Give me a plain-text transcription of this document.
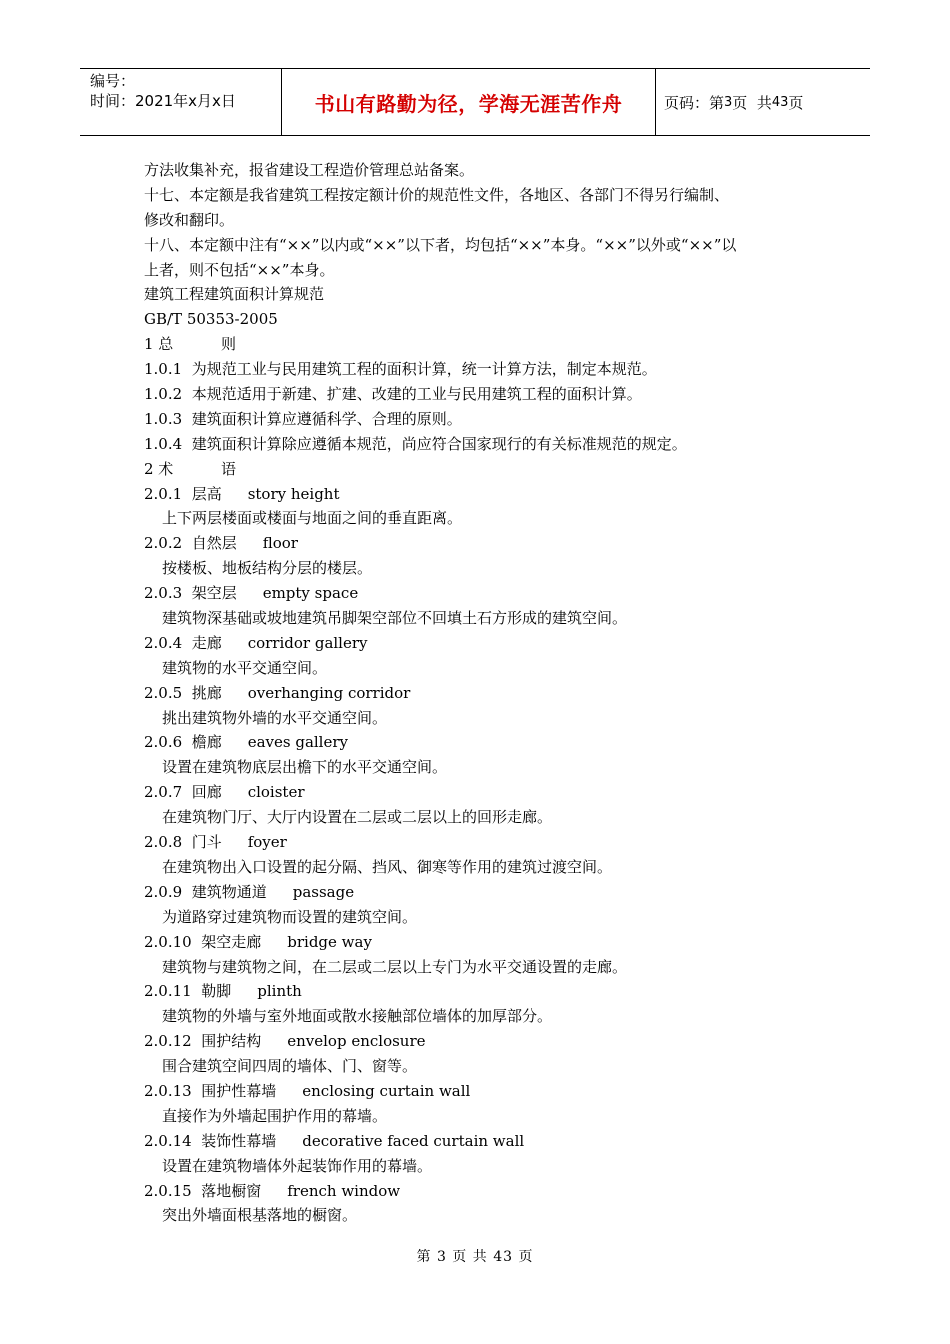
编号：
时间：2021年x月x日	书山有路勤为径，学海无涯苦作舟	页码：第 3 页  共 43 页
方法收集补充，报省建设工程造价管理总站备案。
十七、本定额是我省建筑工程按定额计价的规范性文件，各地区、各部门不得另行编制、
修改和翻印。
十八、本定额中注有“××”以内或“××”以下者，均包括“××”本身。“××”以外或“××”以
上者，则不包括“××”本身。
建筑工程建筑面积计算规范
GB/T 50353-2005
1 总          则
1.0.1  为规范工业与民用建筑工程的面积计算，统一计算方法，制定本规范。
1.0.2  本规范适用于新建、扩建、改建的工业与民用建筑工程的面积计算。
1.0.3  建筑面积计算应遵循科学、合理的原则。
1.0.4  建筑面积计算除应遵循本规范，尚应符合国家现行的有关标准规范的规定。
2 术          语
2.0.1  层高 story height
上下两层楼面或楼面与地面之间的垂直距离。
2.0.2  自然层 floor
按楼板、地板结构分层的楼层。
2.0.3  架空层 empty space
建筑物深基础或坡地建筑吊脚架空部位不回填土石方形成的建筑空间。
2.0.4  走廊 corridor gallery
建筑物的水平交通空间。
2.0.5  挑廊 overhanging corridor
挑出建筑物外墙的水平交通空间。
2.0.6  檐廊 eaves gallery
设置在建筑物底层出檐下的水平交通空间。
2.0.7  回廊 cloister
在建筑物门厅、大厅内设置在二层或二层以上的回形走廊。
2.0.8  门斗 foyer
在建筑物出入口设置的起分隔、挡风、御寒等作用的建筑过渡空间。
2.0.9  建筑物通道 passage
为道路穿过建筑物而设置的建筑空间。
2.0.10  架空走廊 bridge way
建筑物与建筑物之间，在二层或二层以上专门为水平交通设置的走廊。
2.0.11  勒脚 plinth
建筑物的外墙与室外地面或散水接触部位墙体的加厚部分。
2.0.12  围护结构 envelop enclosure
围合建筑空间四周的墙体、门、窗等。
2.0.13  围护性幕墙 enclosing curtain wall
直接作为外墙起围护作用的幕墙。
2.0.14  装饰性幕墙 decorative faced curtain wall
设置在建筑物墙体外起装饰作用的幕墙。
2.0.15  落地橱窗 french window
突出外墙面根基落地的橱窗。
第 3 页 共 43 页
